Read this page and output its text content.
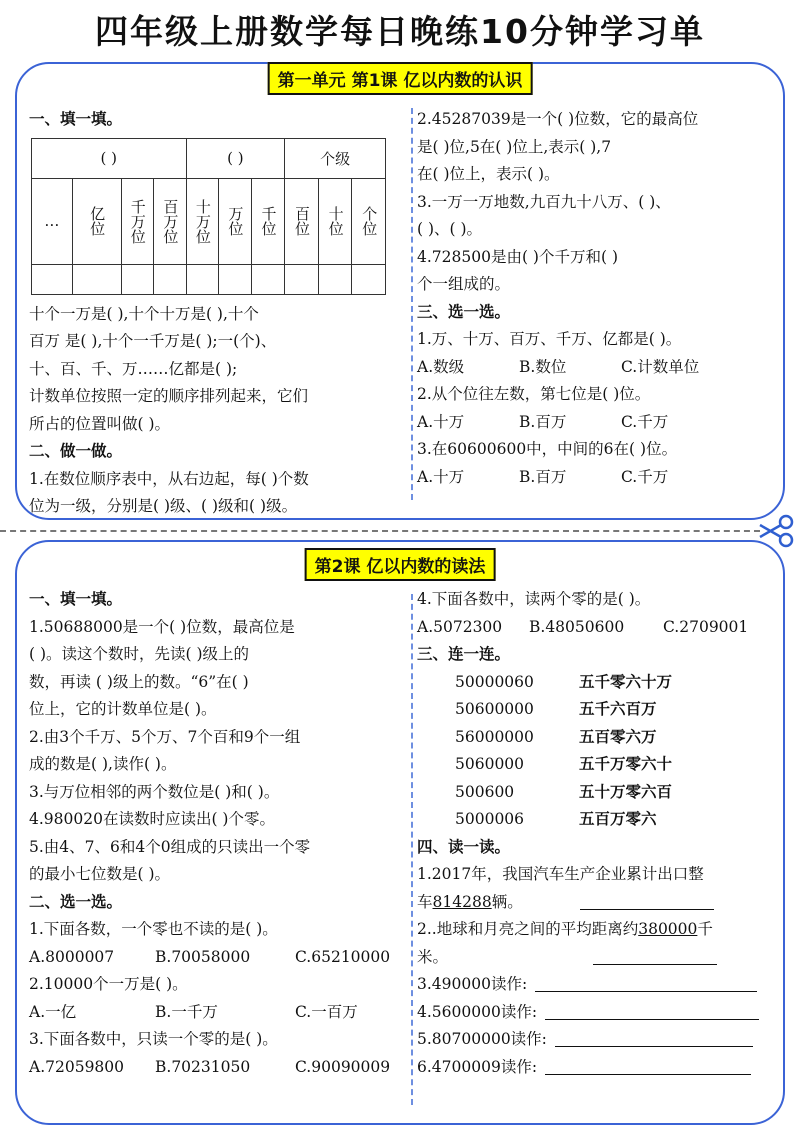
四年级上册数学每日晚练10分钟学习单
第一单元 第1课 亿以内数的认识
一、填一填。
( )				( )			个级		
…	亿位	千万位	百万位	十万位	万位	千位	百位	十位	个位

十个一万是( ),十个十万是( ),十个
百万 是( ),十个一千万是( );一(个)、
十、百、千、万……亿都是( );
计数单位按照一定的顺序排列起来，它们
所占的位置叫做( )。
二、做一做。
1.在数位顺序表中，从右边起，每( )个数
位为一级，分别是( )级、( )级和( )级。
2.45287039是一个( )位数，它的最高位
是( )位,5在( )位上,表示( ),7
在( )位上，表示( )。
3.一万一万地数,九百九十八万、( )、
( )、( )。
4.728500是由( )个千万和( )
个一组成的。
三、选一选。
1.万、十万、百万、千万、亿都是( )。
A.数级	B.数位	C.计数单位
2.从个位往左数，第七位是( )位。
A.十万	B.百万	C.千万
3.在60600600中，中间的6在( )位。
A.十万	B.百万	C.千万
第2课 亿以内数的读法
一、填一填。
1.50688000是一个( )位数，最高位是
( )。读这个数时，先读( )级上的
数，再读 ( )级上的数。“6”在( )
位上，它的计数单位是( )。
2.由3个千万、5个万、7个百和9个一组
成的数是( ),读作( )。
3.与万位相邻的两个数位是( )和( )。
4.980020在读数时应读出( )个零。
5.由4、7、6和4个0组成的只读出一个零
的最小七位数是( )。
二、选一选。
1.下面各数，一个零也不读的是( )。
A.8000007	B.70058000	C.65210000
2.10000个一万是( )。
A.一亿	B.一千万	C.一百万
3.下面各数中，只读一个零的是( )。
A.72059800 B.70231050	C.90090009
4.下面各数中，读两个零的是( )。
A.5072300 B.48050600	C.2709001
三、连一连。
50000060	五千零六十万
50600000	五千六百万
56000000	五百零六万
5060000	五千万零六十
500600	五十万零六百
5000006	五百万零六
四、读一读。
1.2017年，我国汽车生产企业累计出口整
车814288辆。
2..地球和月亮之间的平均距离约380000千
米。
3.490000读作:
4.5600000读作:
5.80700000读作:
6.4700009读作:
